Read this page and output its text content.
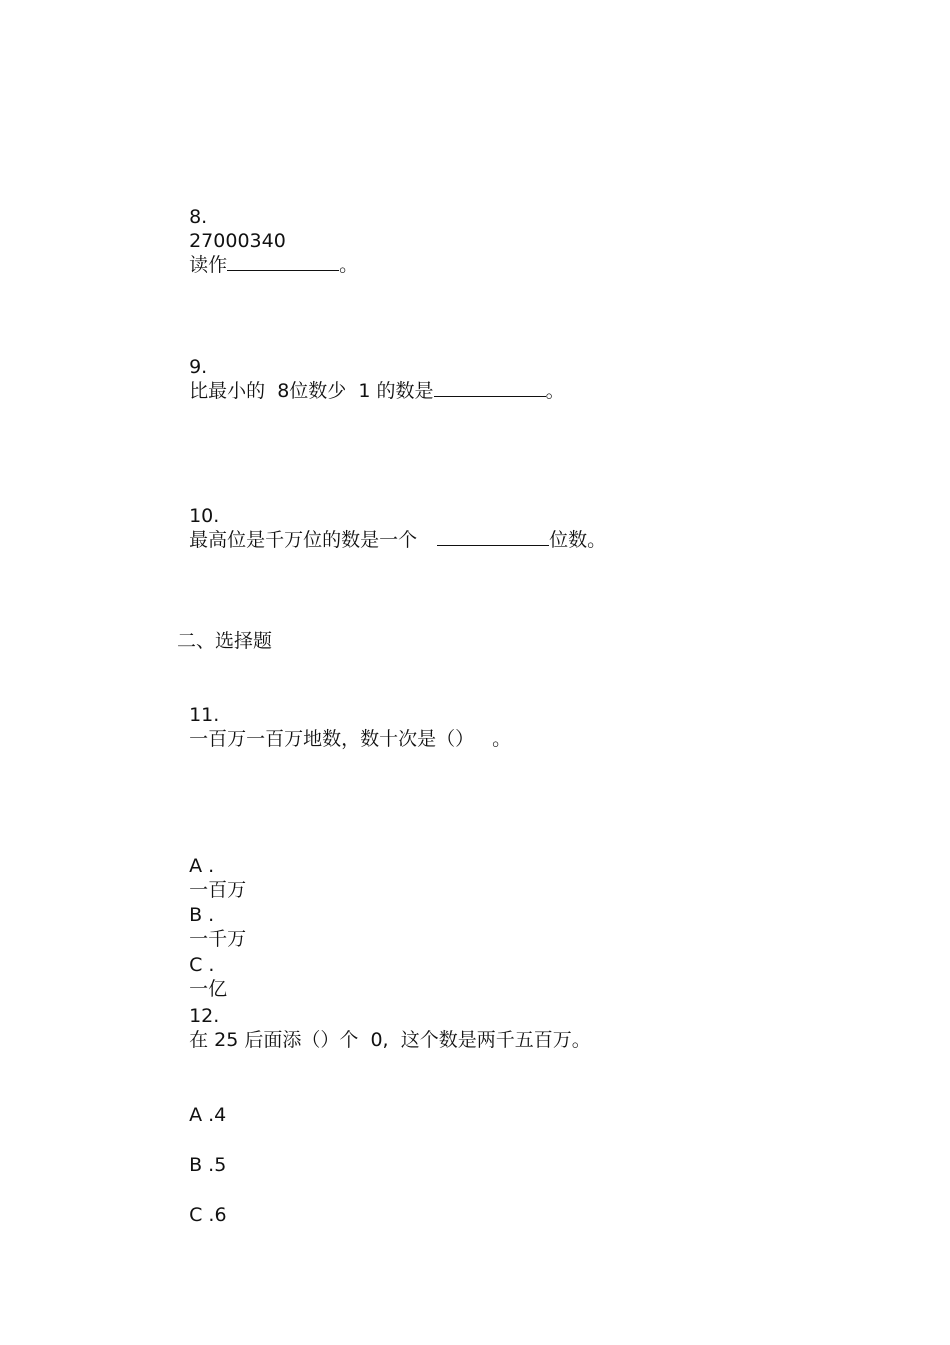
8.
27000340
读作	。

9.
比最小的 8位数少 1 的数是	。

10.
最高位是千万位的数是一个	位数。

二、选择题

11.
一百万一百万地数，数十次是（） 。

A .
一百万

B .
一千万

C .
一亿

12.
在 25 后面添（）个 0, 这个数是两千五百万。

A .4

B .5

C .6
